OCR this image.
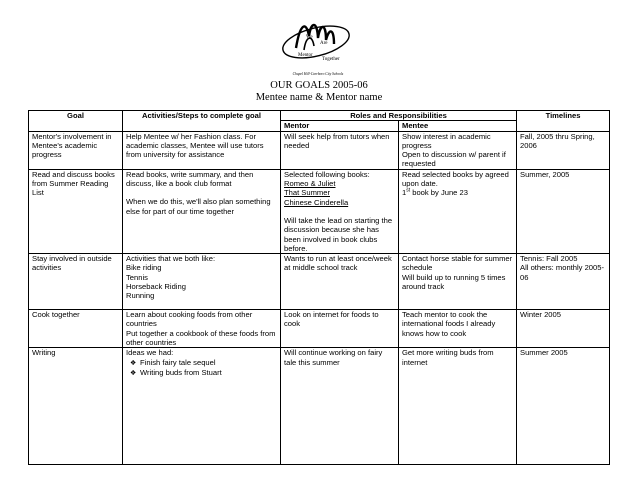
We
Are
Mentor
Together
Chapel Hill-Carrboro City Schools
OUR GOALS 2005-06
Mentee name & Mentor name
Goal	Activities/Steps to complete goal	Roles and Responsibilities		Timelines
		Mentor	Mentee	
Mentor's involvement in Mentee's academic progress	Help Mentee w/ her Fashion class. For academic classes, Mentee will use tutors from university for assistance	Will seek help from tutors when needed	Show interest in academic progress
Open to discussion w/ parent if requested	Fall, 2005 thru Spring, 2006
Read and discuss books from Summer Reading List	Read books, write summary, and then discuss, like a book club format
When we do this, we'll also plan something else for part of our time together	Selected following books:
Romeo & Juliet
That Summer
Chinese Cinderella
Will take the lead on starting the discussion because she has been involved in book clubs before.	Read selected books by agreed upon date.
1st book by June 23	Summer, 2005
Stay involved in outside activities	Activities that we both like:
Bike riding
Tennis
Horseback Riding
Running	Wants to run at least once/week at middle school track	Contact horse stable for summer schedule
Will build up to running 5 times around track	Tennis: Fall 2005
All others: monthly 2005-06

Cook together	Learn about cooking foods from other countries
Put together a cookbook of these foods from other countries	Look on internet for foods to cook	Teach mentor to cook the international foods I already knows how to cook	Winter 2005
Writing	Ideas we had:
❖ Finish fairy tale sequel
❖ Writing buds from Stuart	Will continue working on fairy tale this summer	Get more writing buds from internet	Summer 2005
